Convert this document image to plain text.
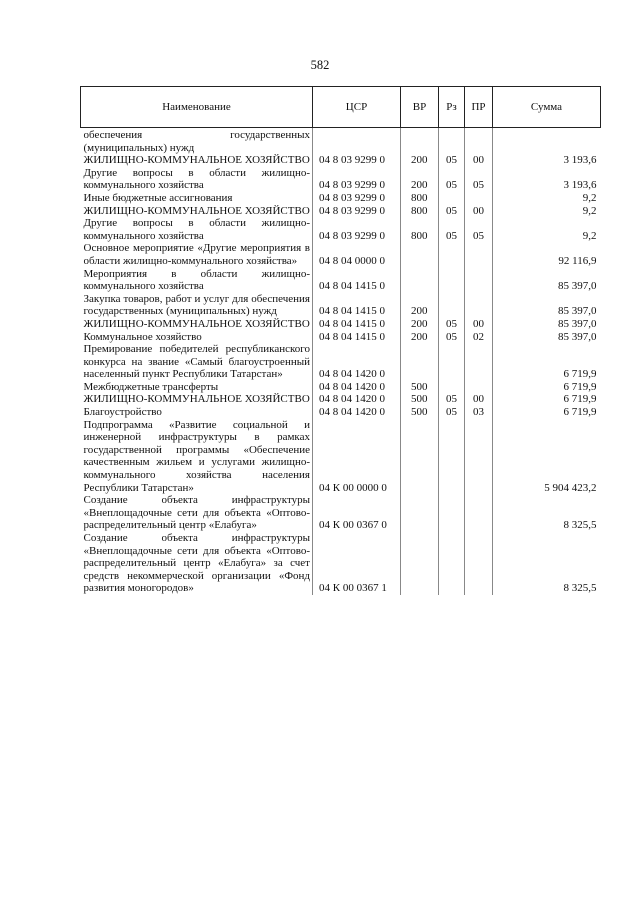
582
Наименование	ЦСР	ВР	Рз	ПР	Сумма
обеспечения государственных (муниципальных) нужд					
ЖИЛИЩНО-КОММУНАЛЬНОЕ ХОЗЯЙСТВО	04 8 03 9299 0	200	05	00	3 193,6
Другие вопросы в области жилищно-коммунального хозяйства	04 8 03 9299 0	200	05	05	3 193,6
Иные бюджетные ассигнования	04 8 03 9299 0	800			9,2
ЖИЛИЩНО-КОММУНАЛЬНОЕ ХОЗЯЙСТВО	04 8 03 9299 0	800	05	00	9,2
Другие вопросы в области жилищно-коммунального хозяйства	04 8 03 9299 0	800	05	05	9,2
Основное мероприятие «Другие мероприятия в области жилищно-коммунального хозяйства»	04 8 04 0000 0				92 116,9
Мероприятия в области жилищно-коммунального хозяйства	04 8 04 1415 0				85 397,0
Закупка товаров, работ и услуг для обеспечения государственных (муниципальных) нужд	04 8 04 1415 0	200			85 397,0
ЖИЛИЩНО-КОММУНАЛЬНОЕ ХОЗЯЙСТВО	04 8 04 1415 0	200	05	00	85 397,0
Коммунальное хозяйство	04 8 04 1415 0	200	05	02	85 397,0
Премирование победителей республиканского конкурса на звание «Самый благоустроенный населенный пункт Республики Татарстан»	04 8 04 1420 0				6 719,9
Межбюджетные трансферты	04 8 04 1420 0	500			6 719,9
ЖИЛИЩНО-КОММУНАЛЬНОЕ ХОЗЯЙСТВО	04 8 04 1420 0	500	05	00	6 719,9
Благоустройство	04 8 04 1420 0	500	05	03	6 719,9
Подпрограмма «Развитие социальной и инженерной инфраструктуры в рамках государственной программы «Обеспечение качественным жильем и услугами жилищно-коммунального хозяйства населения Республики Татарстан»	04 К 00 0000 0				5 904 423,2
Создание объекта инфраструктуры «Внеплощадочные сети для объекта «Оптово-распределительный центр «Елабуга»	04 К 00 0367 0				8 325,5
Создание объекта инфраструктуры «Внеплощадочные сети для объекта «Оптово-распределительный центр «Елабуга» за счет средств некоммерческой организации «Фонд развития моногородов»	04 К 00 0367 1				8 325,5
